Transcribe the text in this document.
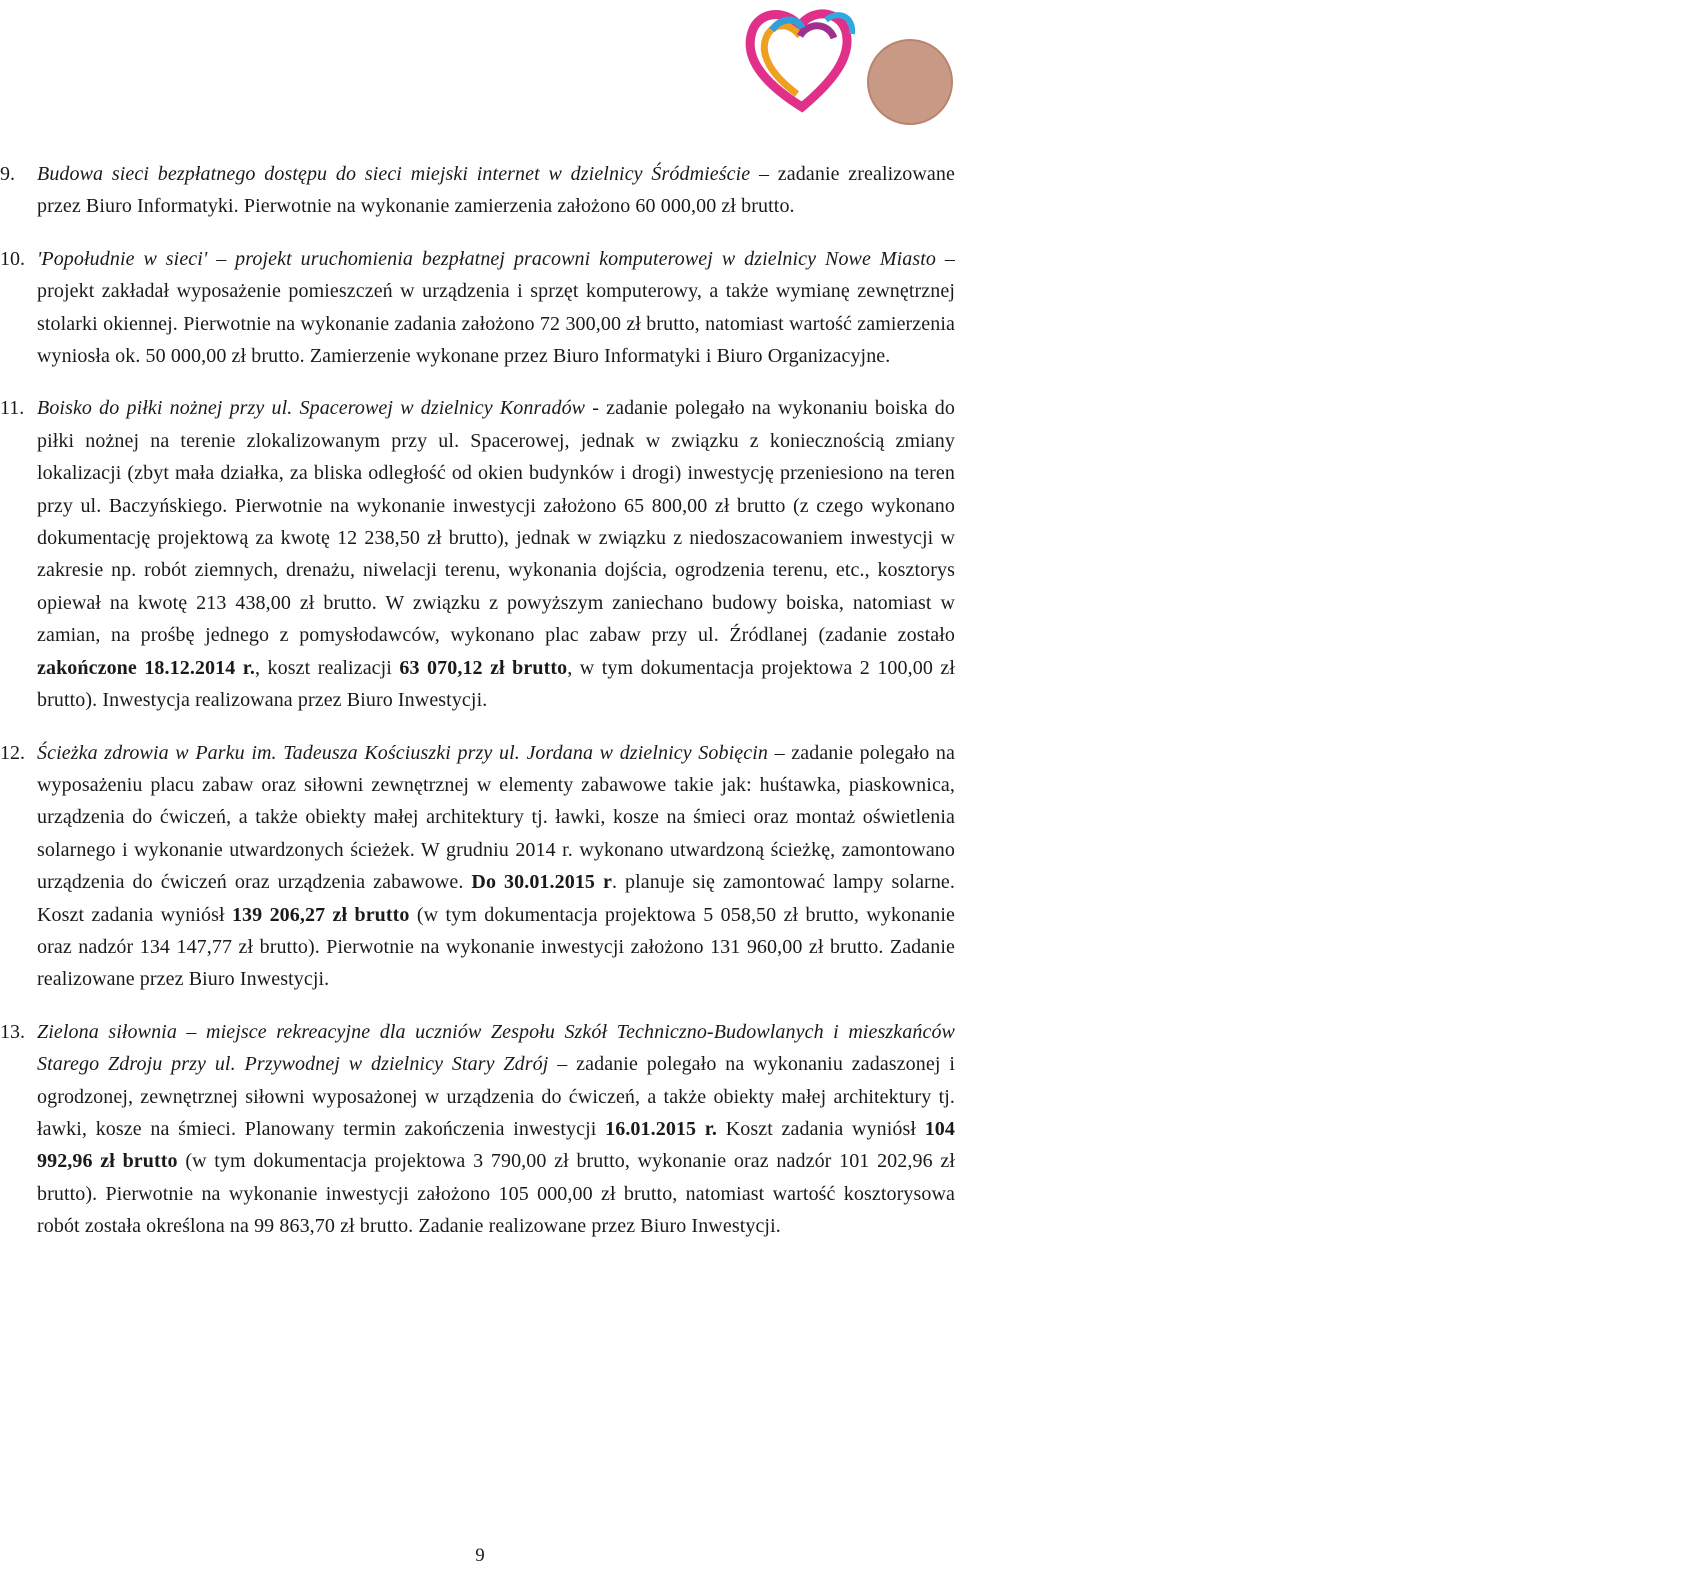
Wspólnota
obywatelska
9.	Budowa sieci bezpłatnego dostępu do sieci miejski internet w dzielnicy Śródmieście – zadanie zrealizowane przez Biuro Informatyki. Pierwotnie na wykonanie zamierzenia założono 60 000,00 zł brutto.
10. 'Popołudnie w sieci' – projekt uruchomienia bezpłatnej pracowni komputerowej w dzielnicy Nowe Miasto – projekt zakładał wyposażenie pomieszczeń w urządzenia i sprzęt komputerowy, a także wymianę zewnętrznej stolarki okiennej. Pierwotnie na wykonanie zadania założono 72 300,00 zł brutto, natomiast wartość zamierzenia wyniosła ok. 50 000,00 zł brutto. Zamierzenie wykonane przez Biuro Informatyki i Biuro Organizacyjne.
11. Boisko do piłki nożnej przy ul. Spacerowej w dzielnicy Konradów - zadanie polegało na wykonaniu boiska do piłki nożnej na terenie zlokalizowanym przy ul. Spacerowej, jednak w związku z koniecznością zmiany lokalizacji (zbyt mała działka, za bliska odległość od okien budynków i drogi) inwestycję przeniesiono na teren przy ul. Baczyńskiego. Pierwotnie na wykonanie inwestycji założono 65 800,00 zł brutto (z czego wykonano dokumentację projektową za kwotę 12 238,50 zł brutto), jednak w związku z niedoszacowaniem inwestycji w zakresie np. robót ziemnych, drenażu, niwelacji terenu, wykonania dojścia, ogrodzenia terenu, etc., kosztorys opiewał na kwotę 213 438,00 zł brutto. W związku z powyższym zaniechano budowy boiska, natomiast w zamian, na prośbę jednego z pomysłodawców, wykonano plac zabaw przy ul. Źródlanej (zadanie zostało zakończone 18.12.2014 r., koszt realizacji 63 070,12 zł brutto, w tym dokumentacja projektowa 2 100,00 zł brutto). Inwestycja realizowana przez Biuro Inwestycji.
12. Ścieżka zdrowia w Parku im. Tadeusza Kościuszki przy ul. Jordana w dzielnicy Sobięcin – zadanie polegało na wyposażeniu placu zabaw oraz siłowni zewnętrznej w elementy zabawowe takie jak: huśtawka, piaskownica, urządzenia do ćwiczeń, a także obiekty małej architektury tj. ławki, kosze na śmieci oraz montaż oświetlenia solarnego i wykonanie utwardzonych ścieżek. W grudniu 2014 r. wykonano utwardzoną ścieżkę, zamontowano urządzenia do ćwiczeń oraz urządzenia zabawowe. Do 30.01.2015 r. planuje się zamontować lampy solarne. Koszt zadania wyniósł 139 206,27 zł brutto (w tym dokumentacja projektowa 5 058,50 zł brutto, wykonanie oraz nadzór 134 147,77 zł brutto). Pierwotnie na wykonanie inwestycji założono 131 960,00 zł brutto. Zadanie realizowane przez Biuro Inwestycji.
13. Zielona siłownia – miejsce rekreacyjne dla uczniów Zespołu Szkół Techniczno-Budowlanych i mieszkańców Starego Zdroju przy ul. Przywodnej w dzielnicy Stary Zdrój – zadanie polegało na wykonaniu zadaszonej i ogrodzonej, zewnętrznej siłowni wyposażonej w urządzenia do ćwiczeń, a także obiekty małej architektury tj. ławki, kosze na śmieci. Planowany termin zakończenia inwestycji 16.01.2015 r. Koszt zadania wyniósł 104 992,96 zł brutto (w tym dokumentacja projektowa 3 790,00 zł brutto, wykonanie oraz nadzór 101 202,96 zł brutto). Pierwotnie na wykonanie inwestycji założono 105 000,00 zł brutto, natomiast wartość kosztorysowa robót została określona na 99 863,70 zł brutto. Zadanie realizowane przez Biuro Inwestycji.
9
